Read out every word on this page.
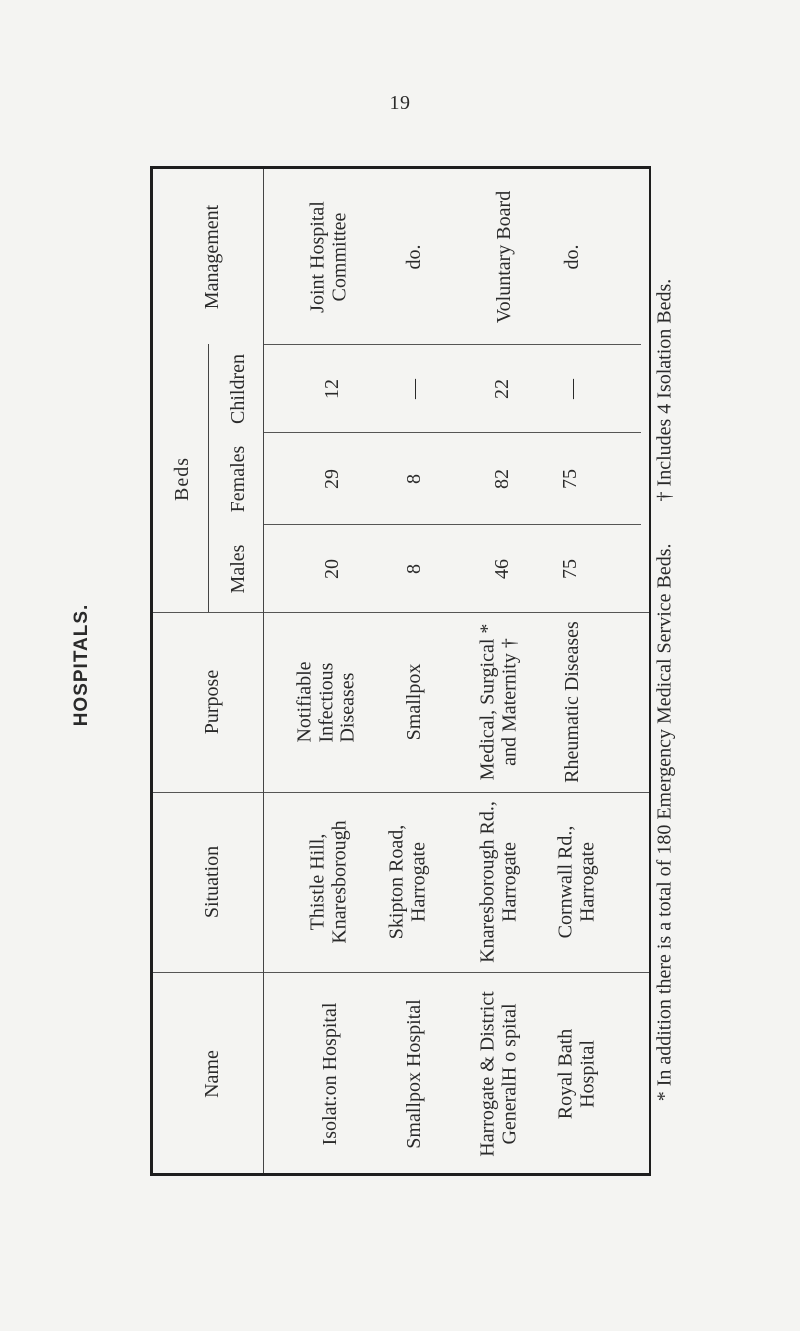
19
HOSPITALS.	* In addition there is a total of 180 Emergency Medical Service Beds.† Includes 4 Isolation Beds.
Management
Children
Females
Males
Beds
Purpose
Situation
Name
Joint Hospital
Committee
12
29
20
Notifiable
Infectious
Diseases
Thistle Hill,
Knaresborough
Isolat:on Hospital
do.
—
8
8
Smallpox
Skipton Road,
Harrogate
Smallpox Hospital
Voluntary Board
22
82
46
Medical, Surgical *
and Maternity †
Knaresborough Rd.,
Harrogate
Harrogate & District
GeneralH o spital
do.
—
75
75
Rheumatic Diseases
Cornwall Rd.,
Harrogate
Royal Bath
Hospital
